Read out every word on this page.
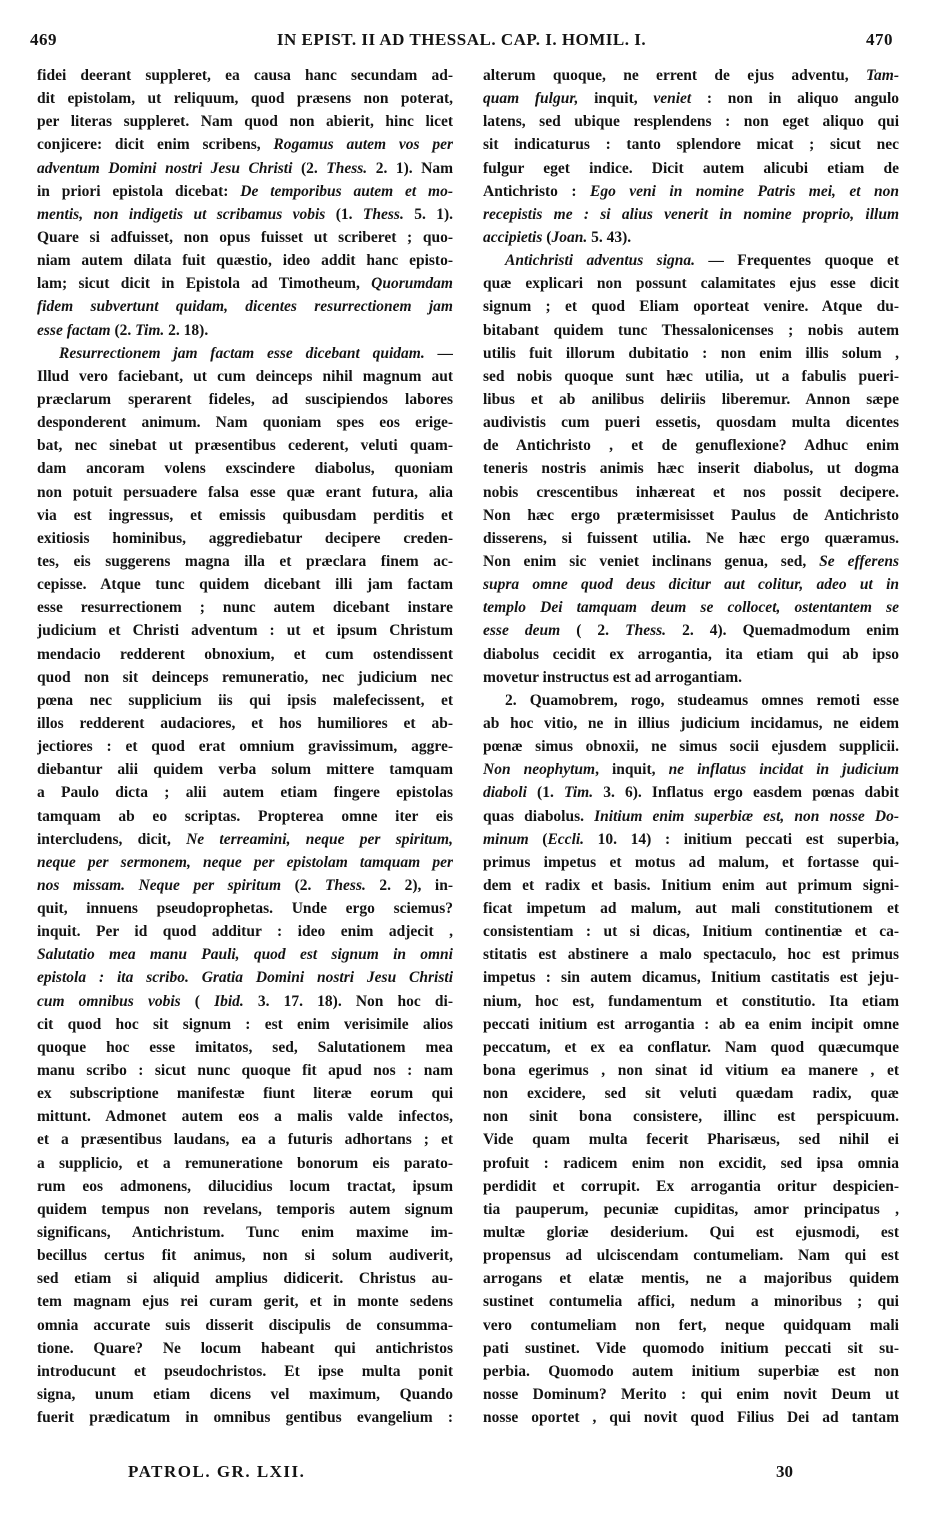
469	IN EPIST. II AD THESSAL. CAP. I. HOMIL. I.	470
fidei deerant suppleret, ea causa hanc secundam ad-
dit epistolam, ut reliquum, quod præsens non poterat,
per literas suppleret. Nam quod non abierit, hinc licet
conjicere: dicit enim scribens, Rogamus autem vos per
adventum Domini nostri Jesu Christi (2. Thess. 2. 1). Nam
in priori epistola dicebat: De temporibus autem et mo-
mentis, non indigetis ut scribamus vobis (1. Thess. 5. 1).
Quare si adfuisset, non opus fuisset ut scriberet ; quo-
niam autem dilata fuit quæstio, ideo addit hanc episto-
lam; sicut dicit in Epistola ad Timotheum, Quorumdam
fidem subvertunt quidam, dicentes resurrectionem jam
esse factam (2. Tim. 2. 18).
Resurrectionem jam factam esse dicebant quidam. —
Illud vero faciebant, ut cum deinceps nihil magnum aut
præclarum sperarent fideles, ad suscipiendos labores
desponderent animum. Nam quoniam spes eos erige-
bat, nec sinebat ut præsentibus cederent, veluti quam-
dam ancoram volens exscindere diabolus, quoniam
non potuit persuadere falsa esse quæ erant futura, alia
via est ingressus, et emissis quibusdam perditis et
exitiosis hominibus, aggrediebatur decipere creden-
tes, eis suggerens magna illa et præclara finem ac-
cepisse. Atque tunc quidem dicebant illi jam factam
esse resurrectionem ; nunc autem dicebant instare
judicium et Christi adventum : ut et ipsum Christum
mendacio redderent obnoxium, et cum ostendissent
quod non sit deinceps remuneratio, nec judicium nec
pœna nec supplicium iis qui ipsis malefecissent, et
illos redderent audaciores, et hos humiliores et ab-
jectiores : et quod erat omnium gravissimum, aggre-
diebantur alii quidem verba solum mittere tamquam
a Paulo dicta ; alii autem etiam fingere epistolas
tamquam ab eo scriptas. Propterea omne iter eis
intercludens, dicit, Ne terreamini, neque per spiritum,
neque per sermonem, neque per epistolam tamquam per
nos missam. Neque per spiritum (2. Thess. 2. 2), in-
quit, innuens pseudoprophetas. Unde ergo sciemus?
inquit. Per id quod additur : ideo enim adjecit ,
Salutatio mea manu Pauli, quod est signum in omni
epistola : ita scribo. Gratia Domini nostri Jesu Christi
cum omnibus vobis ( Ibid. 3. 17. 18). Non hoc di-
cit quod hoc sit signum : est enim verisimile alios
quoque hoc esse imitatos, sed, Salutationem mea
manu scribo : sicut nunc quoque fit apud nos : nam
ex subscriptione manifestæ fiunt literæ eorum qui
mittunt. Admonet autem eos a malis valde infectos,
et a præsentibus laudans, ea a futuris adhortans ; et
a supplicio, et a remuneratione bonorum eis parato-
rum eos admonens, dilucidius locum tractat, ipsum
quidem tempus non revelans, temporis autem signum
significans, Antichristum. Tunc enim maxime im-
becillus certus fit animus, non si solum audiverit,
sed etiam si aliquid amplius didicerit. Christus au-
tem magnam ejus rei curam gerit, et in monte sedens
omnia accurate suis disserit discipulis de consumma-
tione. Quare? Ne locum habeant qui antichristos
introducunt et pseudochristos. Et ipse multa ponit
signa, unum etiam dicens vel maximum, Quando
fuerit prædicatum in omnibus gentibus evangelium :
alterum quoque, ne errent de ejus adventu, Tam-
quam fulgur, inquit, veniet : non in aliquo angulo
latens, sed ubique resplendens : non eget aliquo qui
sit indicaturus : tanto splendore micat ; sicut nec
fulgur eget indice. Dicit autem alicubi etiam de
Antichristo : Ego veni in nomine Patris mei, et non
recepistis me : si alius venerit in nomine proprio, illum
accipietis (Joan. 5. 43).
Antichristi adventus signa. — Frequentes quoque et
quæ explicari non possunt calamitates ejus esse dicit
signum ; et quod Eliam oporteat venire. Atque du-
bitabant quidem tunc Thessalonicenses ; nobis autem
utilis fuit illorum dubitatio : non enim illis solum ,
sed nobis quoque sunt hæc utilia, ut a fabulis pueri-
libus et ab anilibus deliriis liberemur. Annon sæpe
audivistis cum pueri essetis, quosdam multa dicentes
de Antichristo , et de genuflexione? Adhuc enim
teneris nostris animis hæc inserit diabolus, ut dogma
nobis crescentibus inhæreat et nos possit decipere.
Non hæc ergo prætermisisset Paulus de Antichristo
disserens, si fuissent utilia. Ne hæc ergo quæramus.
Non enim sic veniet inclinans genua, sed, Se efferens
supra omne quod deus dicitur aut colitur, adeo ut in
templo Dei tamquam deum se collocet, ostentantem se
esse deum ( 2. Thess. 2. 4). Quemadmodum enim
diabolus cecidit ex arrogantia, ita etiam qui ab ipso
movetur instructus est ad arrogantiam.
2. Quamobrem, rogo, studeamus omnes remoti esse
ab hoc vitio, ne in illius judicium incidamus, ne eidem
pœnæ simus obnoxii, ne simus socii ejusdem supplicii.
Non neophytum, inquit, ne inflatus incidat in judicium
diaboli (1. Tim. 3. 6). Inflatus ergo easdem pœnas dabit
quas diabolus. Initium enim superbiæ est, non nosse Do-
minum (Eccli. 10. 14) : initium peccati est superbia,
primus impetus et motus ad malum, et fortasse qui-
dem et radix et basis. Initium enim aut primum signi-
ficat impetum ad malum, aut mali constitutionem et
consistentiam : ut si dicas, Initium continentiæ et ca-
stitatis est abstinere a malo spectaculo, hoc est primus
impetus : sin autem dicamus, Initium castitatis est jeju-
nium, hoc est, fundamentum et constitutio. Ita etiam
peccati initium est arrogantia : ab ea enim incipit omne
peccatum, et ex ea conflatur. Nam quod quæcumque
bona egerimus , non sinat id vitium ea manere , et
non excidere, sed sit veluti quædam radix, quæ
non sinit bona consistere, illinc est perspicuum.
Vide quam multa fecerit Pharisæus, sed nihil ei
profuit : radicem enim non excidit, sed ipsa omnia
perdidit et corrupit. Ex arrogantia oritur despicien-
tia pauperum, pecuniæ cupiditas, amor principatus ,
multæ gloriæ desiderium. Qui est ejusmodi, est
propensus ad ulciscendam contumeliam. Nam qui est
arrogans et elatæ mentis, ne a majoribus quidem
sustinet contumelia affici, nedum a minoribus ; qui
vero contumeliam non fert, neque quidquam mali
pati sustinet. Vide quomodo initium peccati sit su-
perbia. Quomodo autem initium superbiæ est non
nosse Dominum? Merito : qui enim novit Deum ut
nosse oportet , qui novit quod Filius Dei ad tantam
PATROL. GR. LXII.	30
